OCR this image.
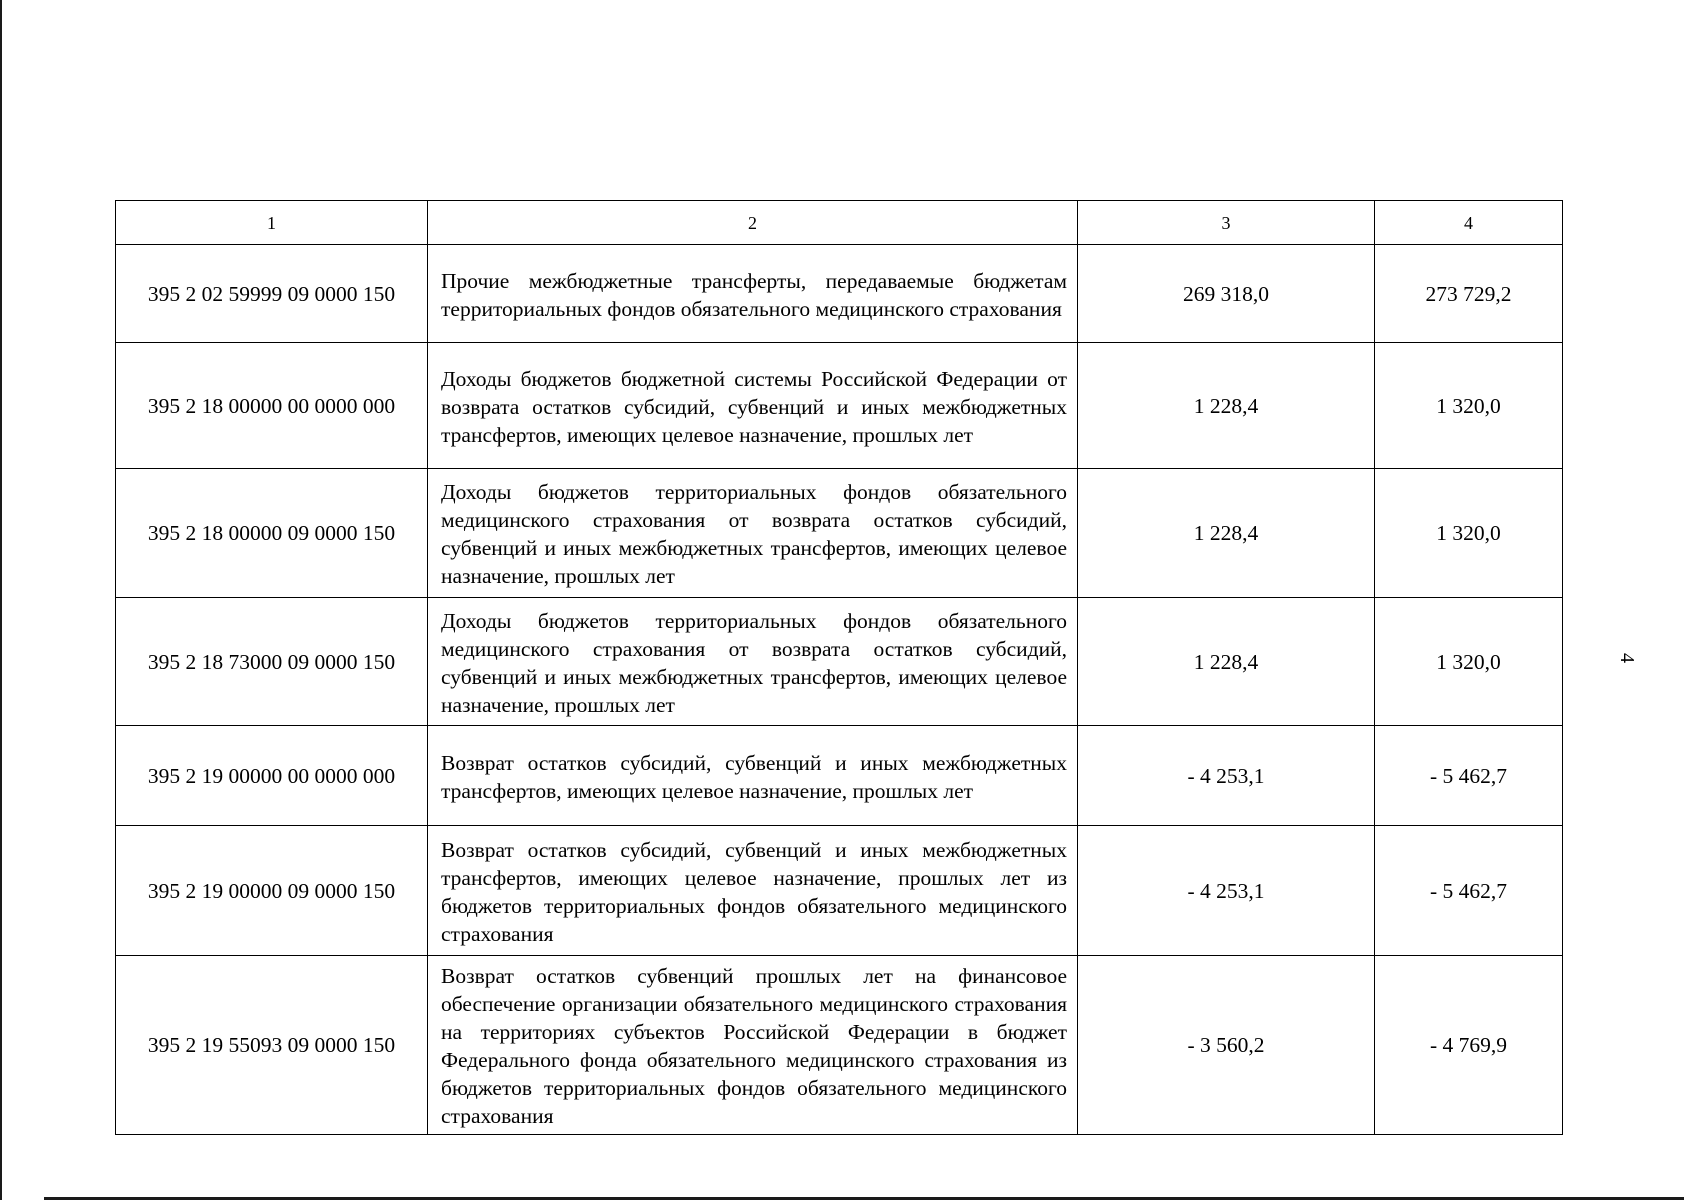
4
1	2	3	4
395 2 02 59999 09 0000 150	Прочие межбюджетные трансферты, передаваемые бюджетам территориальных фондов обязательного медицинского страхования	269 318,0	273 729,2
395 2 18 00000 00 0000 000	Доходы бюджетов бюджетной системы Российской Федерации от возврата остатков субсидий, субвенций и иных межбюджетных трансфертов, имеющих целевое назначение, прошлых лет	1 228,4	1 320,0
395 2 18 00000 09 0000 150	Доходы бюджетов территориальных фондов обязательного медицинского страхования от возврата остатков субсидий, субвенций и иных межбюджетных трансфертов, имеющих целевое назначение, прошлых лет	1 228,4	1 320,0
395 2 18 73000 09 0000 150	Доходы бюджетов территориальных фондов обязательного медицинского страхования от возврата остатков субсидий, субвенций и иных межбюджетных трансфертов, имеющих целевое назначение, прошлых лет	1 228,4	1 320,0
395 2 19 00000 00 0000 000	Возврат остатков субсидий, субвенций и иных межбюджетных трансфертов, имеющих целевое назначение, прошлых лет	- 4 253,1	- 5 462,7
395 2 19 00000 09 0000 150	Возврат остатков субсидий, субвенций и иных межбюджетных трансфертов, имеющих целевое назначение, прошлых лет из бюджетов территориальных фондов обязательного медицинского страхования	- 4 253,1	- 5 462,7
395 2 19 55093 09 0000 150	Возврат остатков субвенций прошлых лет на финансовое обеспечение организации обязательного медицинского страхования на территориях субъектов Российской Федерации в бюджет Федерального фонда обязательного медицинского страхования из бюджетов территориальных фондов обязательного медицинского страхования	- 3 560,2	- 4 769,9
